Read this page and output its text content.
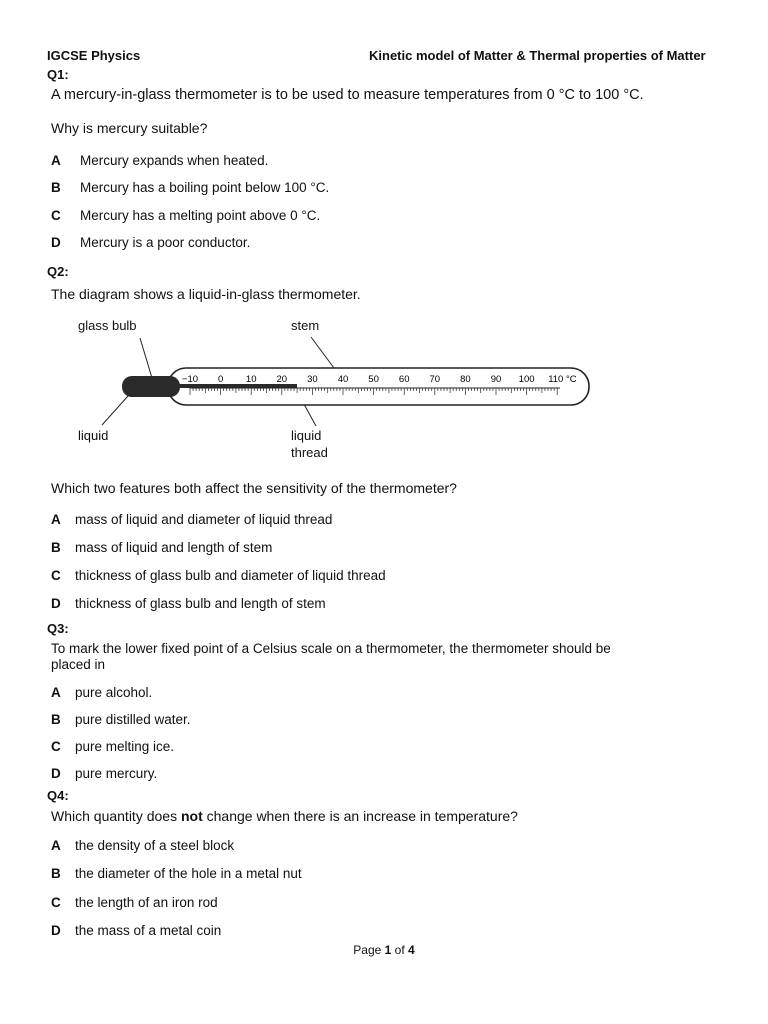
IGCSE Physics	Kinetic model of Matter & Thermal properties of Matter
Q1:
A mercury-in-glass thermometer is to be used to measure temperatures from 0 °C to 100 °C.
Why is mercury suitable?
A Mercury expands when heated.
B Mercury has a boiling point below 100 °C.
C Mercury has a melting point above 0 °C.
D Mercury is a poor conductor.
Q2:
The diagram shows a liquid-in-glass thermometer.
glass bulb	stem
liquid	liquid
thread
−10 0 10 20 30 40 50 60 70 80 90 100 110 °C
Which two features both affect the sensitivity of the thermometer?
A mass of liquid and diameter of liquid thread
B mass of liquid and length of stem
C thickness of glass bulb and diameter of liquid thread
D thickness of glass bulb and length of stem
Q3:
To mark the lower fixed point of a Celsius scale on a thermometer, the thermometer should be
placed in
A pure alcohol.
B pure distilled water.
C pure melting ice.
D pure mercury.
Q4:
Which quantity does not change when there is an increase in temperature?
A the density of a steel block
B the diameter of the hole in a metal nut
C the length of an iron rod
D the mass of a metal coin
Page 1 of 4
